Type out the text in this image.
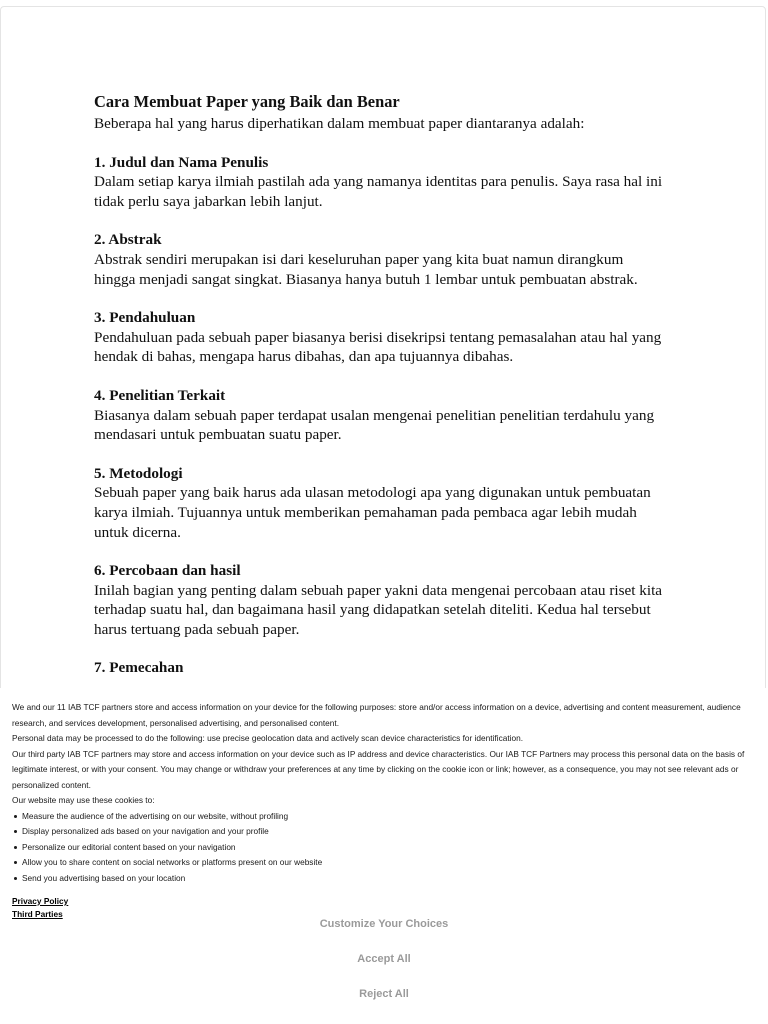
Cara Membuat Paper yang Baik dan Benar

Beberapa hal yang harus diperhatikan dalam membuat paper diantaranya adalah:

1. Judul dan Nama Penulis

Dalam setiap karya ilmiah pastilah ada yang namanya identitas para penulis. Saya rasa hal ini

tidak perlu saya jabarkan lebih lanjut.

2. Abstrak

Abstrak sendiri merupakan isi dari keseluruhan paper yang kita buat namun dirangkum

hingga menjadi sangat singkat. Biasanya hanya butuh 1 lembar untuk pembuatan abstrak.

3. Pendahuluan

Pendahuluan pada sebuah paper biasanya berisi disekripsi tentang pemasalahan atau hal yang

hendak di bahas, mengapa harus dibahas, dan apa tujuannya dibahas.

4. Penelitian Terkait

Biasanya dalam sebuah paper terdapat usalan mengenai penelitian penelitian terdahulu yang

mendasari untuk pembuatan suatu paper.

5. Metodologi

Sebuah paper yang baik harus ada ulasan metodologi apa yang digunakan untuk pembuatan

karya ilmiah. Tujuannya untuk memberikan pemahaman pada pembaca agar lebih mudah

untuk dicerna.

6. Percobaan dan hasil

Inilah bagian yang penting dalam sebuah paper yakni data mengenai percobaan atau riset kita

terhadap suatu hal, dan bagaimana hasil yang didapatkan setelah diteliti. Kedua hal tersebut

harus tertuang pada sebuah paper.

7. Pemecahan

We and our 11 IAB TCF partners store and access information on your device for the following purposes: store and/or access information on a device, advertising and content measurement, audience research, and services development, personalised advertising, and personalised content.

Personal data may be processed to do the following: use precise geolocation data and actively scan device characteristics for identification.

Our third party IAB TCF partners may store and access information on your device such as IP address and device characteristics. Our IAB TCF Partners may process this personal data on the basis of legitimate interest, or with your consent. You may change or withdraw your preferences at any time by clicking on the cookie icon or link; however, as a consequence, you may not see relevant ads or personalized content.

Our website may use these cookies to:

Measure the audience of the advertising on our website, without profiling
Display personalized ads based on your navigation and your profile
Personalize our editorial content based on your navigation
Allow you to share content on social networks or platforms present on our website
Send you advertising based on your location
Privacy Policy
Third Parties
Customize Your Choices
Accept All
Reject All
